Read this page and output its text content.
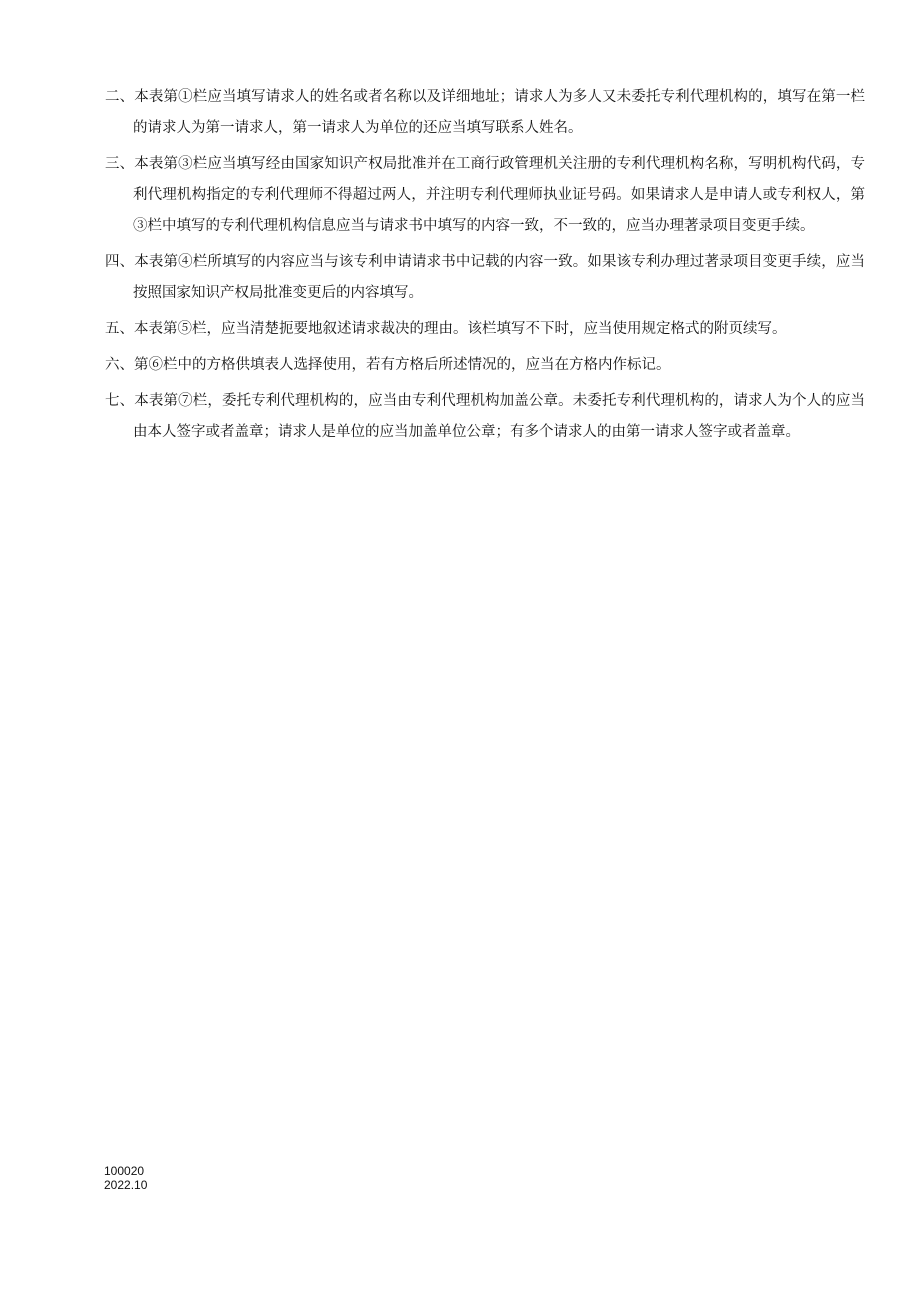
二、本表第①栏应当填写请求人的姓名或者名称以及详细地址；请求人为多人又未委托专利代理机构的，填写在第一栏的请求人为第一请求人，第一请求人为单位的还应当填写联系人姓名。

三、本表第③栏应当填写经由国家知识产权局批准并在工商行政管理机关注册的专利代理机构名称，写明机构代码，专利代理机构指定的专利代理师不得超过两人，并注明专利代理师执业证号码。如果请求人是申请人或专利权人，第③栏中填写的专利代理机构信息应当与请求书中填写的内容一致，不一致的，应当办理著录项目变更手续。

四、本表第④栏所填写的内容应当与该专利申请请求书中记载的内容一致。如果该专利办理过著录项目变更手续，应当按照国家知识产权局批准变更后的内容填写。

五、本表第⑤栏，应当清楚扼要地叙述请求裁决的理由。该栏填写不下时，应当使用规定格式的附页续写。

六、第⑥栏中的方格供填表人选择使用，若有方格后所述情况的，应当在方格内作标记。

七、本表第⑦栏，委托专利代理机构的，应当由专利代理机构加盖公章。未委托专利代理机构的，请求人为个人的应当由本人签字或者盖章；请求人是单位的应当加盖单位公章；有多个请求人的由第一请求人签字或者盖章。

100020
2022.10
